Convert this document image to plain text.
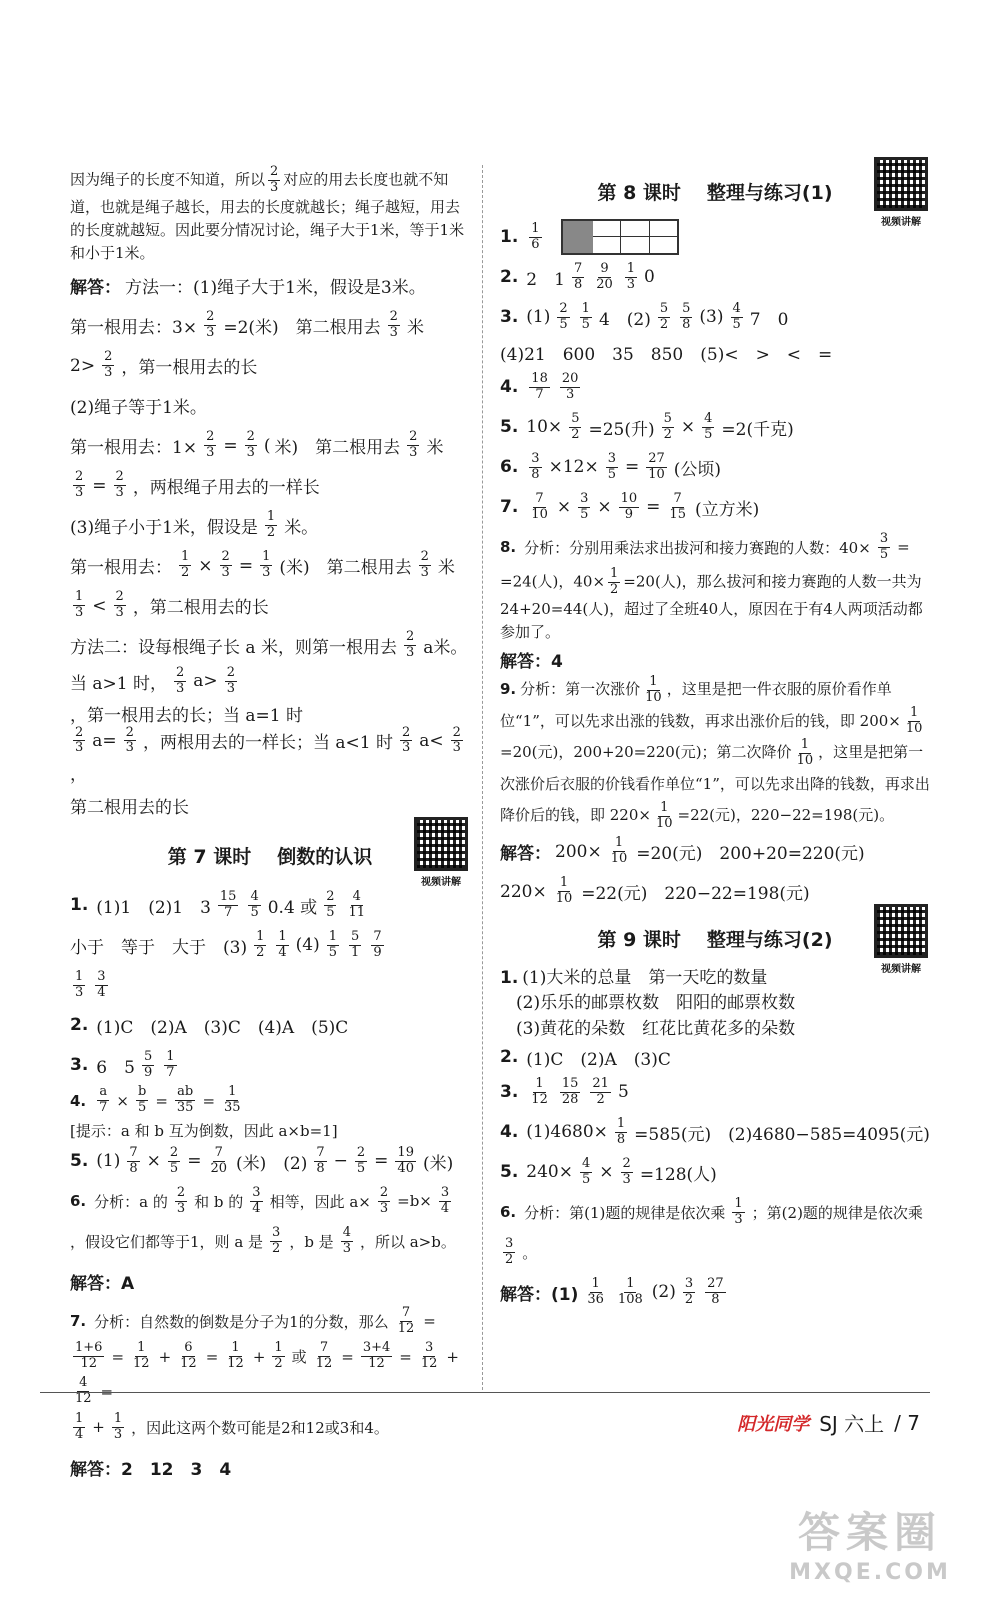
因为绳子的长度不知道，所以 $\frac{2}{3}$ 对应的用去长度也就不知道，也就是绳子越长，用去的长度就越长；绳子越短，用去的长度就越短。因此要分情况讨论，绳子大于1米，等于1米和小于1米。

解答： 方法一：(1)绳子大于1米，假设是3米。
第一根用去：$3\times \frac{2}{3} =2$(米)　第二根用去 $\frac{2}{3}$ 米
$2> \frac{2}{3}$ ，第一根用去的长
(2)绳子等于1米。
第一根用去：$1\times \frac{2}{3} = \frac{2}{3}$ ( 米)　第二根用去 $\frac{2}{3}$ 米
$\frac{2}{3} = \frac{2}{3}$ ，两根绳子用去的一样长
(3)绳子小于1米，假设是 $\frac{1}{2}$ 米。
第一根用去： $\frac{1}{2} \times \frac{2}{3} = \frac{1}{3}$ (米)　第二根用去 $\frac{2}{3}$ 米
$\frac{1}{3} < \frac{2}{3}$ ，第二根用去的长
方法二：设每根绳子长 a 米，则第一根用去 $\frac{2}{3}$ a米。
当 a>1 时， $\frac{2}{3} a> \frac{2}{3}$
，第一根用去的长；当 a=1 时
$\frac{2}{3} a= \frac{2}{3}$ ，两根用去的一样长；当 a<1 时 $\frac{2}{3} a< \frac{2}{3}$
，
第二根用去的长
第 7 课时 倒数的认识
视频讲解
1. (1)1　(2)1　$3 \frac{15}{7} \frac{4}{5} 0.4$ 或 $\frac{2}{5} \frac{4}{11}$
小于　等于　大于　$(3) \frac{1}{2} \frac{1}{4} (4) \frac{1}{5} \frac{5}{1} \frac{7}{9}$
$\frac{1}{3} \frac{3}{4}$
2. (1)C　(2)A　(3)C　(4)A　(5)C
3. 6　$5 \frac{5}{9} \frac{1}{7}$
4. $\frac{a}{7} \times \frac{b}{5} = \frac{ab}{35} = \frac{1}{35}$
[提示：a 和 b 互为倒数，因此 a×b=1]
5. $(1) \frac{7}{8} \times \frac{2}{5} = \frac{7}{20}$ (米)　$(2) \frac{7}{8} - \frac{2}{5} = \frac{19}{40}$ (米)
6. 分析：a 的 $\frac{2}{3}$ 和 b 的 $\frac{3}{4}$ 相等，因此 $a\times \frac{2}{3} =b\times \frac{3}{4}$
，假设它们都等于1，则 a 是 $\frac{3}{2}$ ，b 是 $\frac{4}{3}$ ，所以 a>b。
解答：A
7. 分析：自然数的倒数是分子为1的分数，那么 $\frac{7}{12}$ =
$\frac{1+6}{12} = \frac{1}{12} + \frac{6}{12} = \frac{1}{12} + \frac{1}{2}$ 或 $\frac{7}{12} = \frac{3+4}{12} = \frac{3}{12}$ +
$\frac{4}{12}$ =
$\frac{1}{4} + \frac{1}{3}$ ，因此这两个数可能是2和12或3和4。
解答：2　12　3　4
第 8 课时 整理与练习(1)
视频讲解
1. $\frac{1}{6}$
2. 2　$1 \frac{7}{8} \frac{9}{20} \frac{1}{3} 0$
3. $(1) \frac{2}{5} \frac{1}{5} 4$　$(2) \frac{5}{2} \frac{5}{8} (3) \frac{4}{5} 7$　0
(4)21　600　35　850　(5)<　>　<　=
4. $\frac{18}{7} \frac{20}{3}$
5. $10\times \frac{5}{2} =25$(升) $\frac{5}{2} \times \frac{4}{5} =2$(千克)
6. $\frac{3}{8} \times 12\times \frac{3}{5} = \frac{27}{10}$ (公顷)
7. $\frac{7}{10} \times \frac{3}{5} \times \frac{10}{9} = \frac{7}{15}$ (立方米)
8. 分析：分别用乘法求出拔河和接力赛跑的人数：$40\times \frac{3}{5}$ =

=24(人)，$40\times \frac{1}{2} =20$(人)，那么拔河和接力赛跑的人数一共为 24+20=44(人)，超过了全班40人，原因在于有4人两项活动都参加了。

解答：4

9. 分析：第一次涨价 $\frac{1}{10}$ ，这里是把一件衣服的原价看作单位“1”，可以先求出涨的钱数，再求出涨价后的钱，即 $200\times \frac{1}{10}$
=20(元)，200+20=220(元)；第二次降价 $\frac{1}{10}$ ，这里是把第一次涨价后衣服的价钱看作单位“1”，可以先求出降的钱数，再求出降价后的钱，即 $220\times \frac{1}{10} =22$(元)，220−22=198(元)。

解答： $200\times \frac{1}{10} =20$(元)　200+20=220(元)
$220\times \frac{1}{10} =22$(元)　220−22=198(元)
第 9 课时 整理与练习(2)
视频讲解
1. (1)大米的总量　第一天吃的数量
(2)乐乐的邮票枚数　阳阳的邮票枚数
(3)黄花的朵数　红花比黄花多的朵数
2. (1)C　(2)A　(3)C
3. $\frac{1}{12} \frac{15}{28} \frac{21}{2} 5$
4. $(1)4680\times \frac{1}{8} =585$(元)　(2)4680−585=4095(元)
5. $240\times \frac{4}{5} \times \frac{2}{3} =128$(人)
6. 分析：第(1)题的规律是依次乘 $\frac{1}{3}$ ；第(2)题的规律是依次乘
$\frac{3}{2}$ 。
解答：$(1) \frac{1}{36} \frac{1}{108} (2) \frac{3}{2} \frac{27}{8}$
阳光同学 SJ 六上 / 7
答案圈
MXQE.COM
